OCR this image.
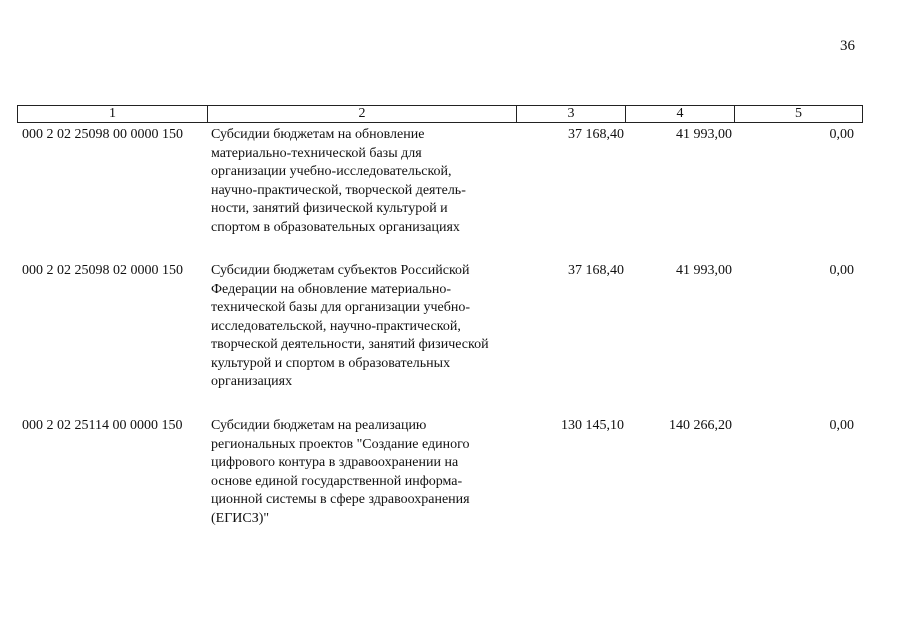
36
1	2	3	4	5
000 2 02 25098 00 0000 150	Субсидии бюджетам на обновление
материально-технической базы для
организации учебно-исследовательской,
научно-практической, творческой деятель-
ности, занятий физической культурой и
спортом в образовательных организациях
37 168,40	41 993,00	0,00
000 2 02 25098 02 0000 150	Субсидии бюджетам субъектов Российской
Федерации на обновление материально-
технической базы для организации учебно-
исследовательской, научно-практической,
творческой деятельности, занятий физической
культурой и спортом в образовательных
организациях
37 168,40	41 993,00	0,00
000 2 02 25114 00 0000 150	Субсидии бюджетам на реализацию
региональных проектов "Создание единого
цифрового контура в здравоохранении на
основе единой государственной информа-
ционной системы в сфере здравоохранения
(ЕГИСЗ)"
130 145,10	140 266,20	0,00
